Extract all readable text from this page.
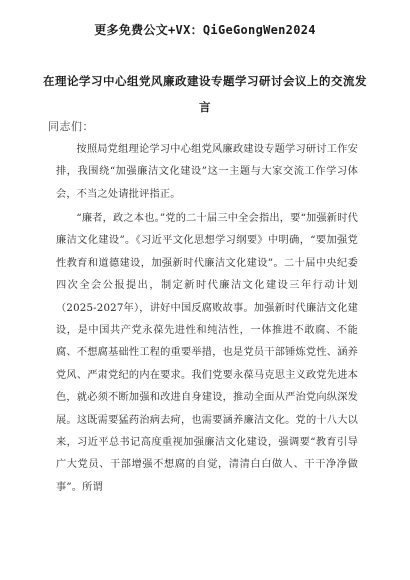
更多免费公文+VX：QiGeGongWen2024
在理论学习中心组党风廉政建设专题学习研讨会议上的交流发言
同志们：
按照局党组理论学习中心组党风廉政建设专题学习研讨工作安排，我围绕“加强廉洁文化建设”这一主题与大家交流工作学习体会，不当之处请批评指正。
“廉者，政之本也。”党的二十届三中全会指出，要“加强新时代廉洁文化建设”。《习近平文化思想学习纲要》中明确，“要加强党性教育和道德建设，加强新时代廉洁文化建设”。二十届中央纪委四次全会公报提出，制定新时代廉洁文化建设三年行动计划（2025-2027年），讲好中国反腐败故事。加强新时代廉洁文化建设，是中国共产党永葆先进性和纯洁性，一体推进不敢腐、不能腐、不想腐基础性工程的重要举措，也是党员干部锤炼党性、涵养党风、严肃党纪的内在要求。我们党要永葆马克思主义政党先进本色，就必须不断加强和改进自身建设，推动全面从严治党向纵深发展。这既需要猛药治病去疴，也需要涵养廉洁文化。党的十八大以来，习近平总书记高度重视加强廉洁文化建设，强调要“教育引导广大党员、干部增强不想腐的自觉，清清白白做人、干干净净做事”。所谓
